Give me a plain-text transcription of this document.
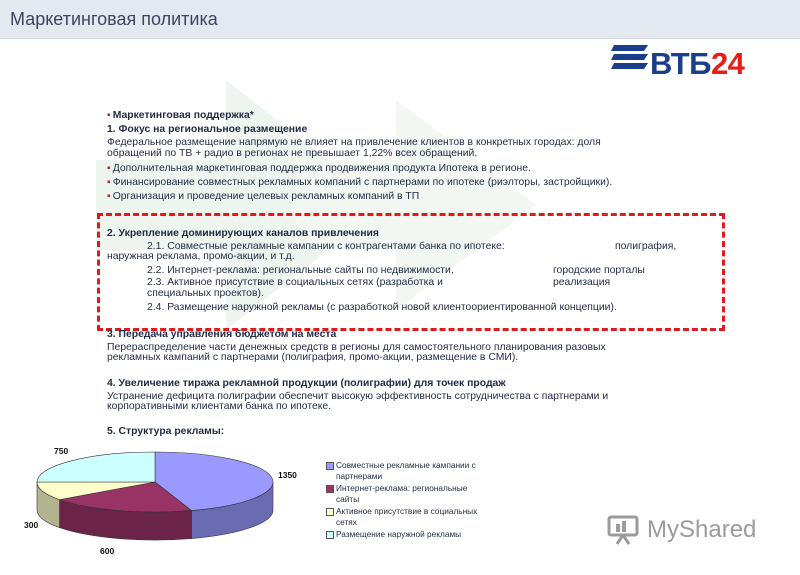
Маркетинговая политика
ВТБ24
▪ Маркетинговая поддержка*
1. Фокус на региональное размещение
Федеральное размещение напрямую не влияет на привлечение клиентов в конкретных городах: доля
обращений по ТВ + радио в регионах не превышает 1,22% всех обращений.
▪ Дополнительная маркетинговая поддержка продвижения продукта Ипотека в регионе.
▪ Финансирование совместных рекламных компаний с партнерами по ипотеке (риэлторы, застройщики).
▪ Организация и проведение целевых рекламных компаний в ТП
2. Укрепление доминирующих каналов привлечения
2.1. Совместные рекламные кампании с контрагентами банка по ипотеке:	полиграфия,
наружная реклама, промо-акции, и т.д.
2.2. Интернет-реклама: региональные сайты по недвижимости,	городские порталы
2.3. Активное присутствие в социальных сетях (разработка и	реализация
специальных проектов).
2.4. Размещение наружной рекламы (с разработкой новой клиентоориентированной концепции).
3. Передача управления бюджетом на места
Перераспределение части денежных средств в регионы для самостоятельного планирования разовых
рекламных кампаний с партнерами (полиграфия, промо-акции, размещение в СМИ).
4. Увеличение тиража рекламной продукции (полиграфии) для точек продаж
Устранение дефицита полиграфии обеспечит высокую эффективность сотрудничества с партнерами и
корпоративными клиентами банка по ипотеке.
5. Структура рекламы:
1350
600
300
750
Совместные рекламные кампании с
партнерами
Интернет-реклама: региональные
сайты
Активное присутствие в социальных
сетях
Размещение наружной рекламы	MyShared
